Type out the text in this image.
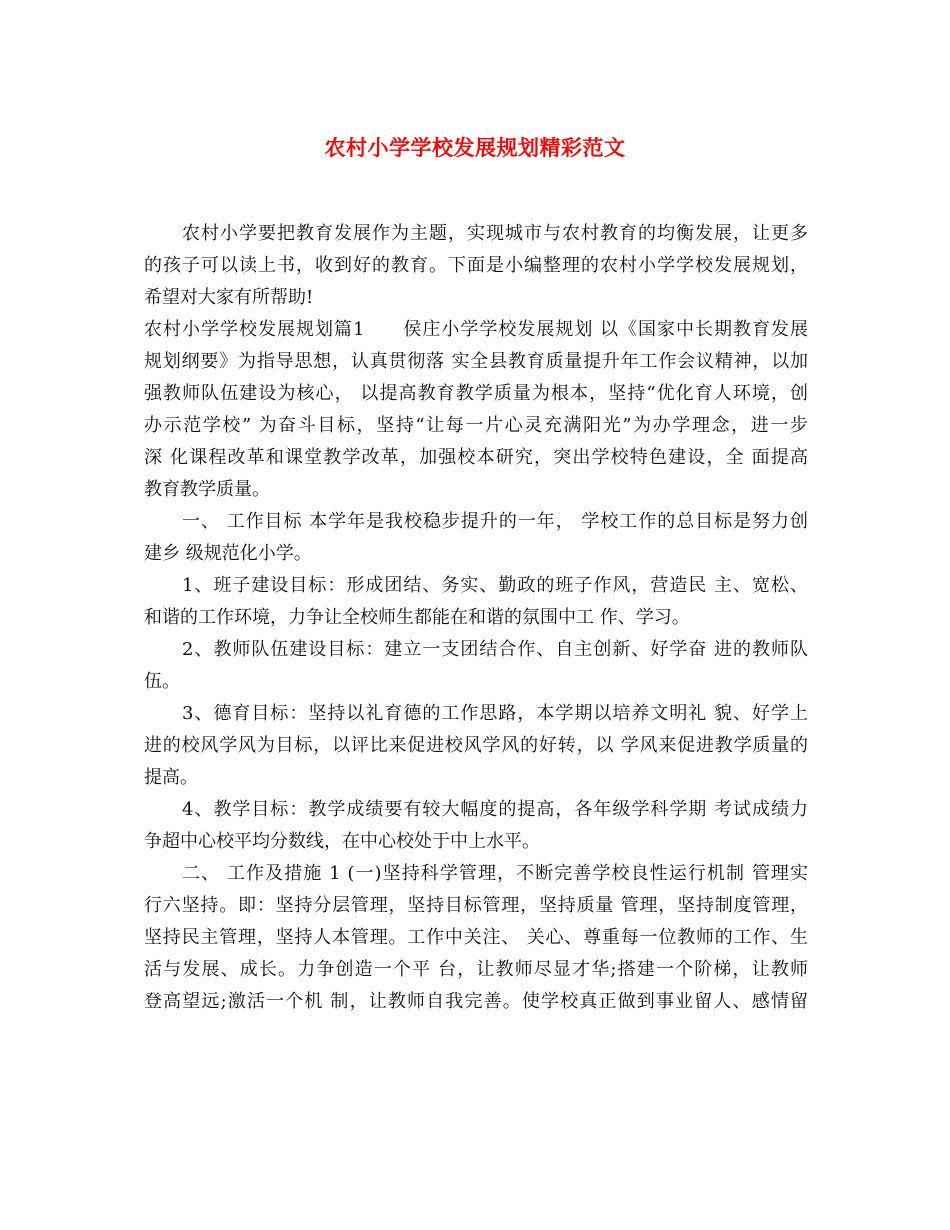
农村小学学校发展规划精彩范文
农村小学要把教育发展作为主题，实现城市与农村教育的均衡发展，让更多
的孩子可以读上书，收到好的教育。下面是小编整理的农村小学学校发展规划，
希望对大家有所帮助!
农村小学学校发展规划篇1　　侯庄小学学校发展规划 以《国家中长期教育发展
规划纲要》为指导思想，认真贯彻落 实全县教育质量提升年工作会议精神，以加
强教师队伍建设为核心， 以提高教育教学质量为根本，坚持“优化育人环境，创
办示范学校” 为奋斗目标，坚持“让每一片心灵充满阳光”为办学理念，进一步
深 化课程改革和课堂教学改革，加强校本研究，突出学校特色建设，全 面提高
教育教学质量。
一、 工作目标 本学年是我校稳步提升的一年， 学校工作的总目标是努力创
建乡 级规范化小学。
1、班子建设目标：形成团结、务实、勤政的班子作风，营造民 主、宽松、
和谐的工作环境，力争让全校师生都能在和谐的氛围中工 作、学习。
2、教师队伍建设目标：建立一支团结合作、自主创新、好学奋 进的教师队
伍。
3、德育目标：坚持以礼育德的工作思路，本学期以培养文明礼 貌、好学上
进的校风学风为目标，以评比来促进校风学风的好转，以 学风来促进教学质量的
提高。
4、教学目标：教学成绩要有较大幅度的提高，各年级学科学期 考试成绩力
争超中心校平均分数线，在中心校处于中上水平。
二、 工作及措施 1 (一)坚持科学管理，不断完善学校良性运行机制 管理实
行六坚持。即：坚持分层管理，坚持目标管理，坚持质量 管理，坚持制度管理，
坚持民主管理，坚持人本管理。工作中关注、 关心、尊重每一位教师的工作、生
活与发展、成长。力争创造一个平 台，让教师尽显才华;搭建一个阶梯，让教师
登高望远;激活一个机 制，让教师自我完善。使学校真正做到事业留人、感情留
